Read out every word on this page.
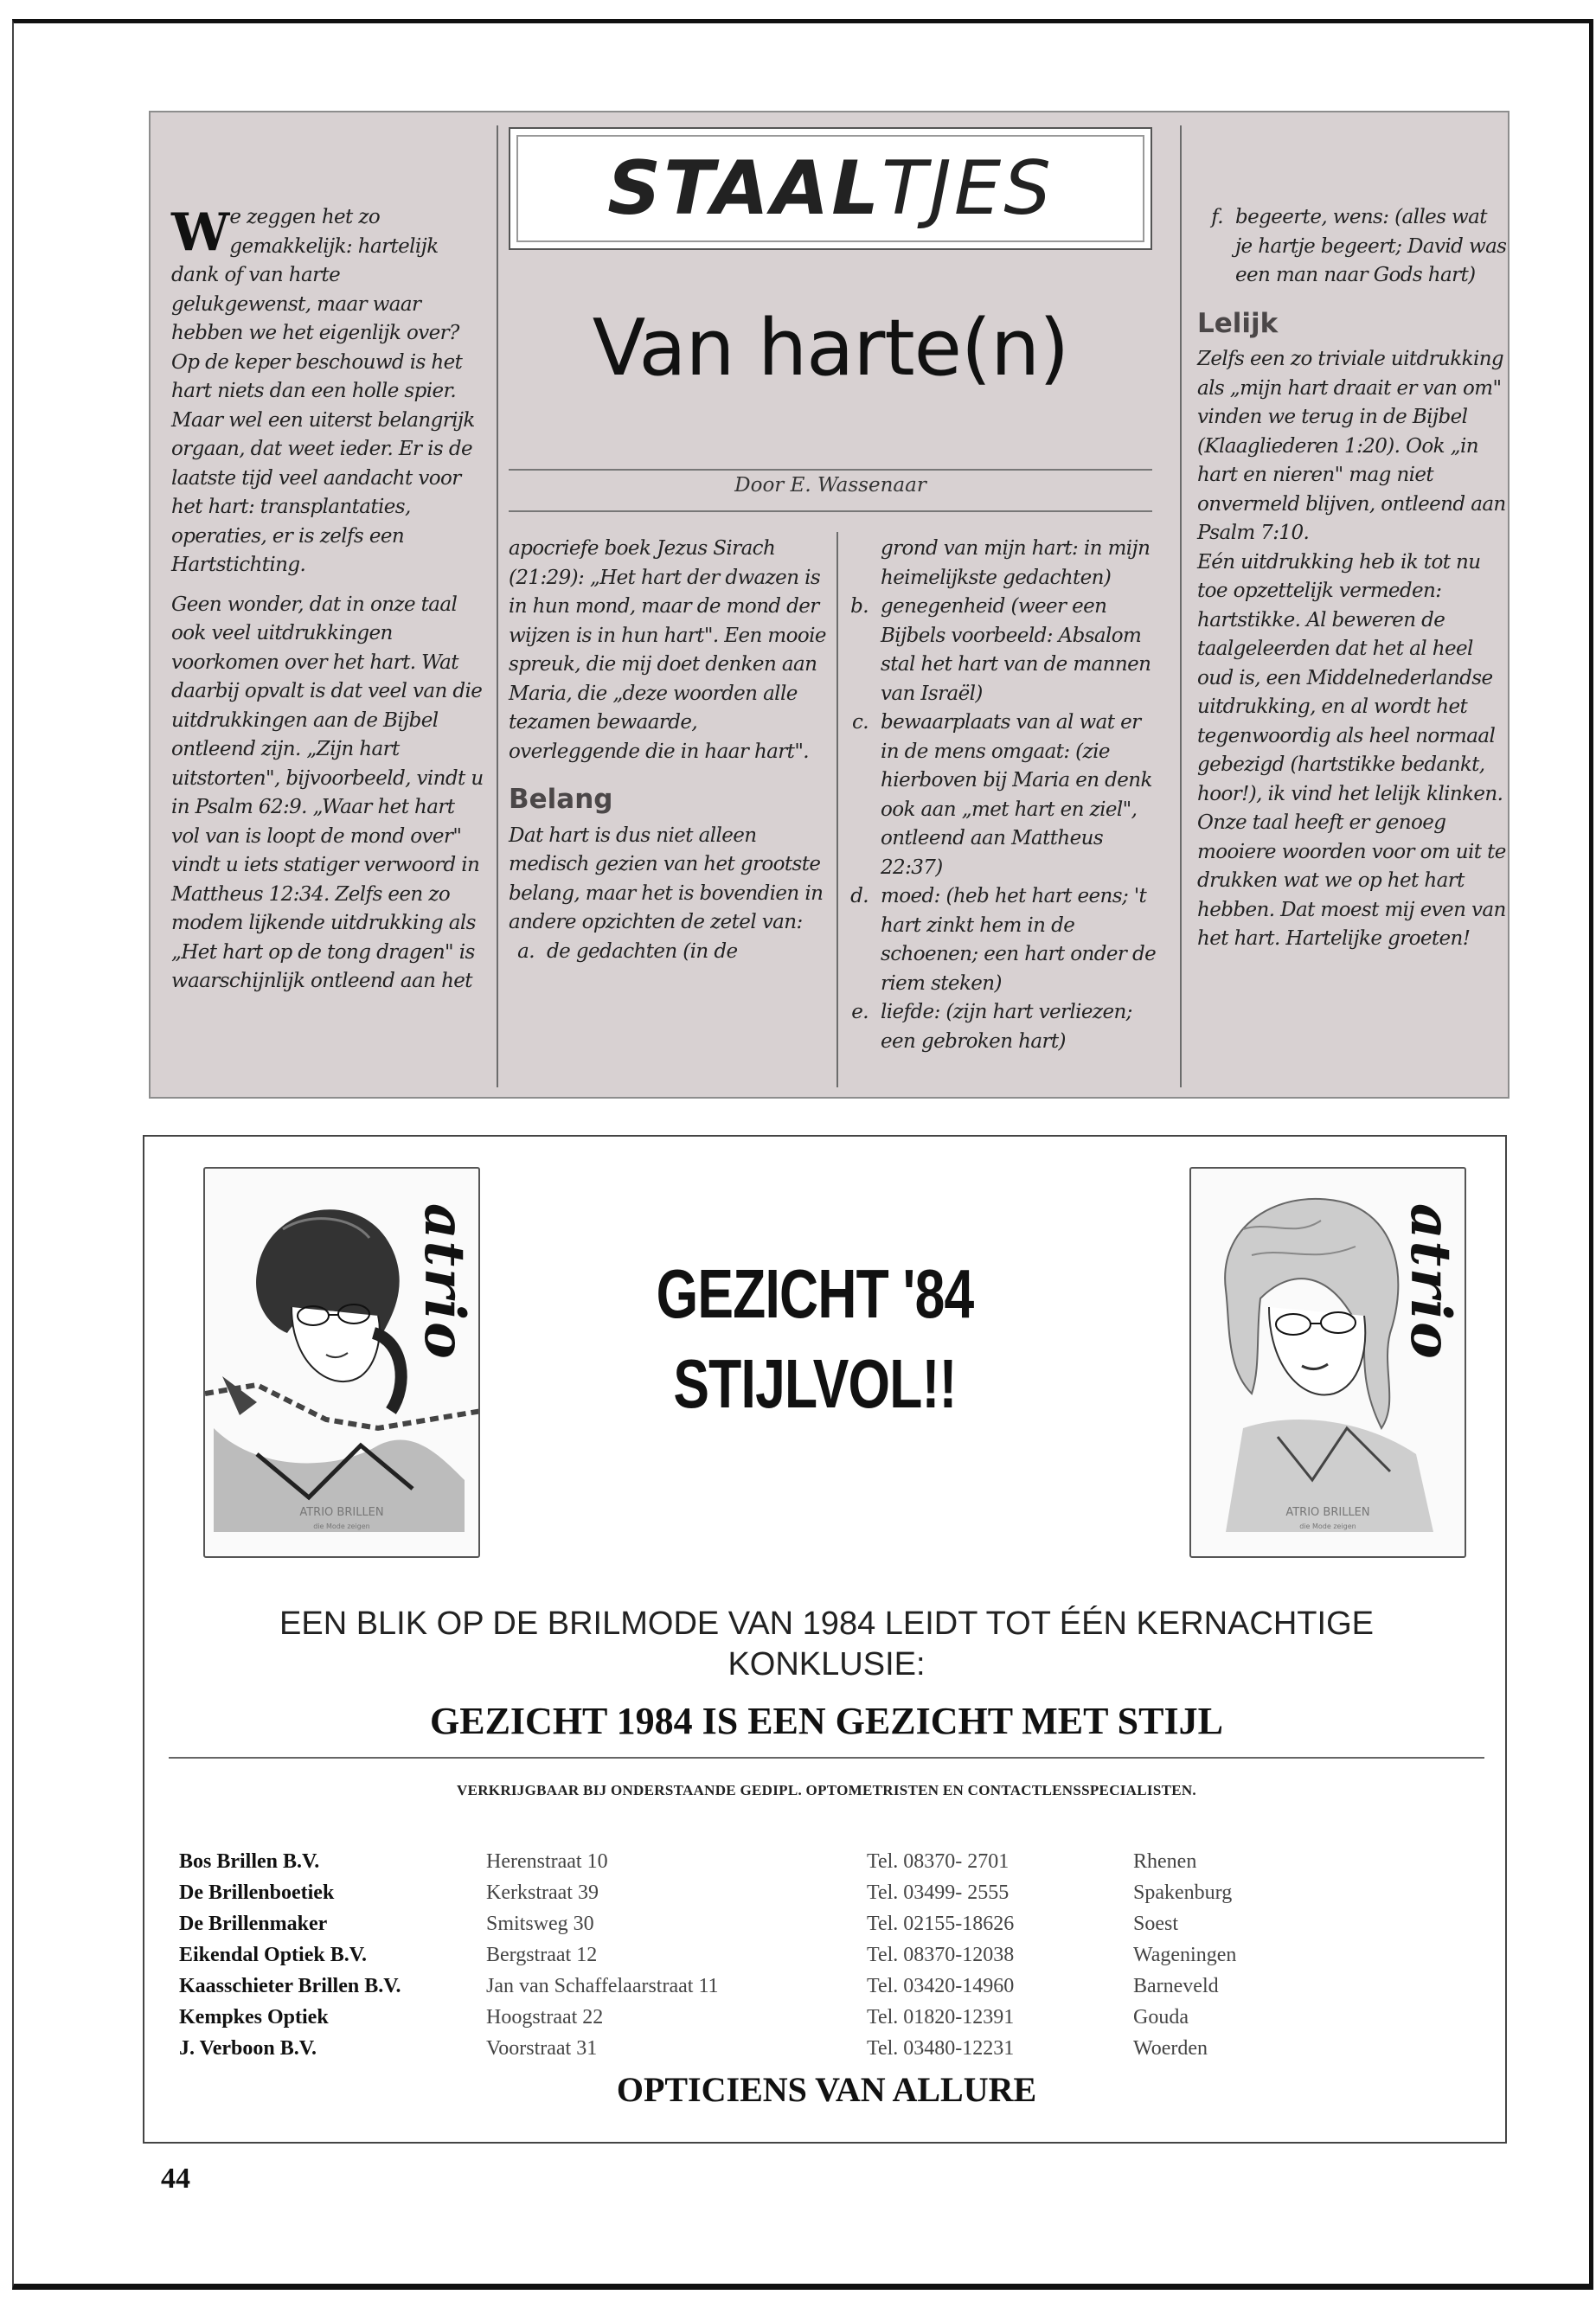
We zeggen het zo gemakkelijk: hartelijk dank of van harte gelukgewenst, maar waar hebben we het eigenlijk over? Op de keper beschouwd is het hart niets dan een holle spier. Maar wel een uiterst belangrijk orgaan, dat weet ieder. Er is de laatste tijd veel aandacht voor het hart: transplantaties, operaties, er is zelfs een Hartstichting.

Geen wonder, dat in onze taal ook veel uitdrukkingen voorkomen over het hart. Wat daarbij opvalt is dat veel van die uitdrukkingen aan de Bijbel ontleend zijn. „Zijn hart uitstorten", bijvoorbeeld, vindt u in Psalm 62:9. „Waar het hart vol van is loopt de mond over" vindt u iets statiger verwoord in Mattheus 12:34. Zelfs een zo modem lijkende uitdrukking als „Het hart op de tong dragen" is waarschijnlijk ontleend aan het

STAALTJES
Van harte(n)
Door E. Wassenaar

apocriefe boek Jezus Sirach (21:29): „Het hart der dwazen is in hun mond, maar de mond der wijzen is in hun hart". Een mooie spreuk, die mij doet denken aan Maria, die „deze woorden alle tezamen bewaarde, overleggende die in haar hart".

Belang

Dat hart is dus niet alleen medisch gezien van het grootste belang, maar het is bovendien in andere opzichten de zetel van:

a. de gedachten (in de
grond van mijn hart: in mijn heimelijkste gedachten)
b. genegenheid (weer een Bijbels voorbeeld: Absalom stal het hart van de mannen van Israël)
c. bewaarplaats van al wat er in de mens omgaat: (zie hierboven bij Maria en denk ook aan „met hart en ziel", ontleend aan Mattheus 22:37)
d. moed: (heb het hart eens; 't hart zinkt hem in de schoenen; een hart onder de riem steken)
e. liefde: (zijn hart verliezen; een gebroken hart)
f. begeerte, wens: (alles wat je hartje begeert; David was een man naar Gods hart)
Lelijk

Zelfs een zo triviale uitdrukking als „mijn hart draait er van om" vinden we terug in de Bijbel (Klaagliederen 1:20). Ook „in hart en nieren" mag niet onvermeld blijven, ontleend aan Psalm 7:10.

Eén uitdrukking heb ik tot nu toe opzettelijk vermeden: hartstikke. Al beweren de taalgeleerden dat het al heel oud is, een Middelnederlandse uitdrukking, en al wordt het tegenwoordig als heel normaal gebezigd (hartstikke bedankt, hoor!), ik vind het lelijk klinken. Onze taal heeft er genoeg mooiere woorden voor om uit te drukken wat we op het hart hebben. Dat moest mij even van het hart. Hartelijke groeten!

atrio
ATRIO BRILLEN
die Mode zeigen
GEZICHT '84
STIJLVOL!!
atrio
ATRIO BRILLEN
die Mode zeigen
EEN BLIK OP DE BRILMODE VAN 1984 LEIDT TOT ÉÉN KERNACHTIGE KONKLUSIE:
GEZICHT 1984 IS EEN GEZICHT MET STIJL
VERKRIJGBAAR BIJ ONDERSTAANDE GEDIPL. OPTOMETRISTEN EN CONTACTLENSSPECIALISTEN.
Bos Brillen B.V.	Herenstraat 10	Tel. 08370- 2701	Rhenen
De Brillenboetiek	Kerkstraat 39	Tel. 03499- 2555	Spakenburg
De Brillenmaker	Smitsweg 30	Tel. 02155-18626	Soest
Eikendal Optiek B.V.	Bergstraat 12	Tel. 08370-12038	Wageningen
Kaasschieter Brillen B.V.	Jan van Schaffelaarstraat 11	Tel. 03420-14960	Barneveld
Kempkes Optiek	Hoogstraat 22	Tel. 01820-12391	Gouda
J. Verboon B.V.	Voorstraat 31	Tel. 03480-12231	Woerden
OPTICIENS VAN ALLURE
44
